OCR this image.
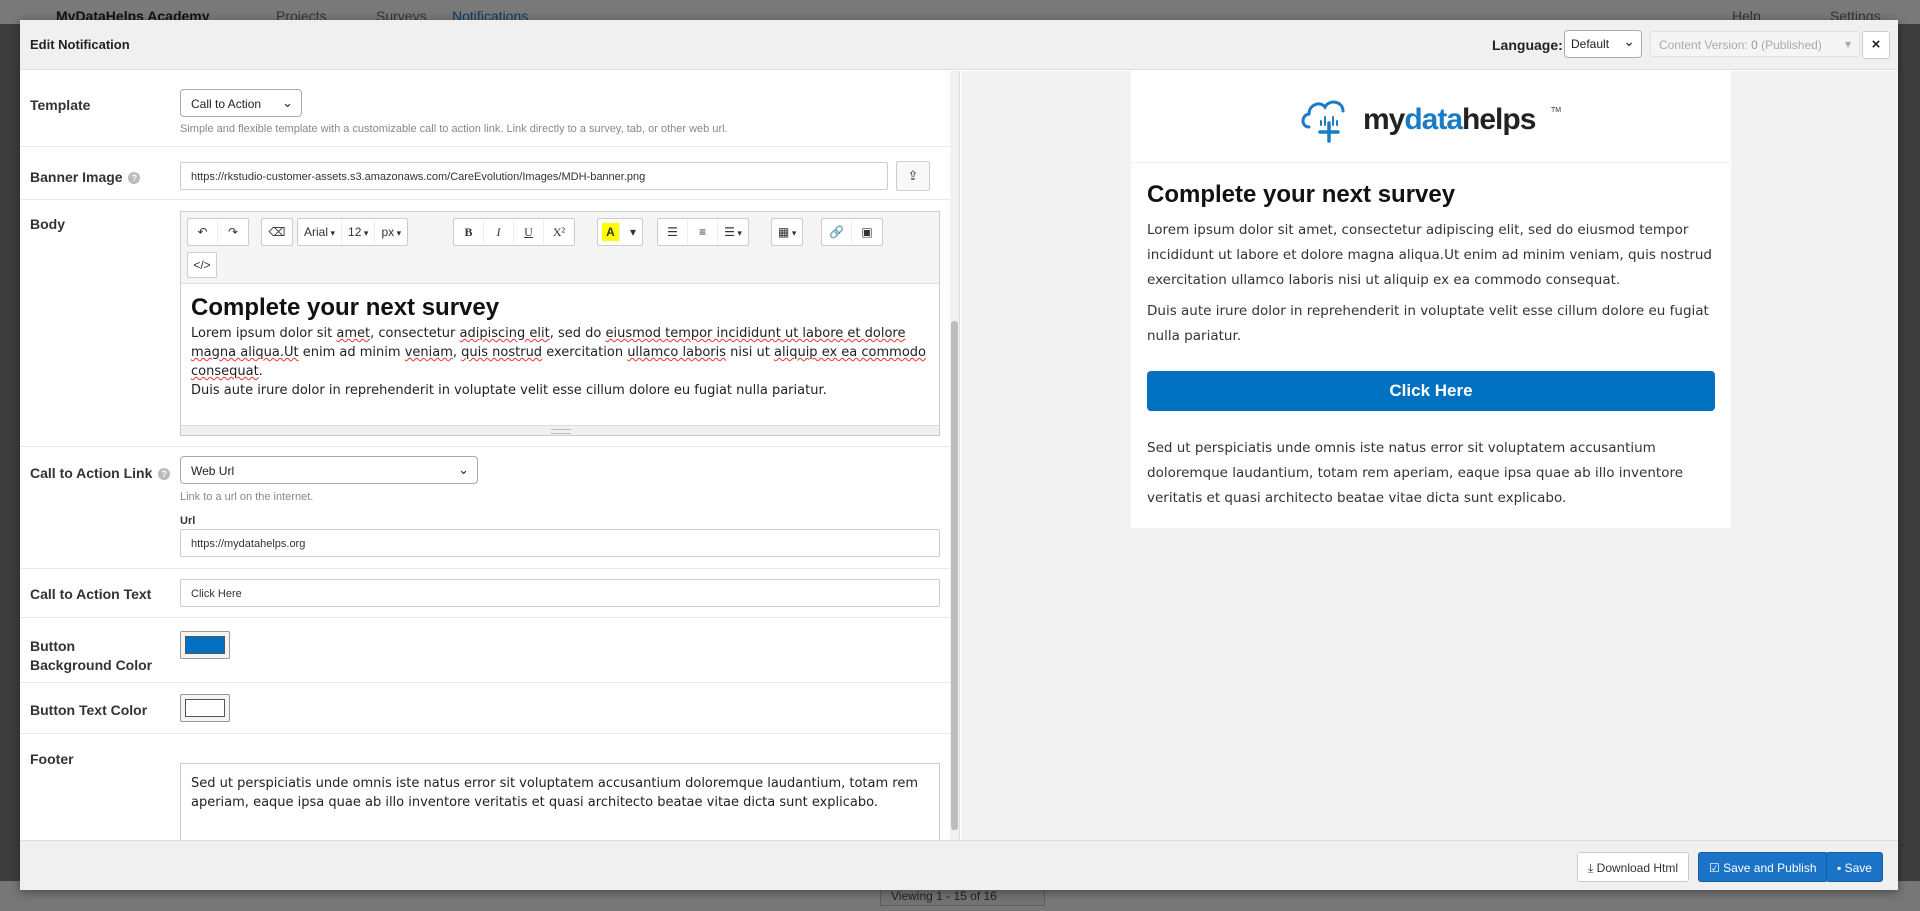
Edit Notification	Language: Default ⌄	Content Version: 0 (Published) ▾	×
Template	Call to Action ⌄
Simple and flexible template with a customizable call to action link. Link directly to a survey, tab, or other web url.
Banner Image ?	https://rkstudio-customer-assets.s3.amazonaws.com/CareEvolution/Images/MDH-banner.png	⇪
Body	↶	↷	⌫	Arial ▾	12 ▾	px ▾	B	I	U	X²	A	▾	☰	≡	☰ ▾	▦ ▾	🔗	▣
</>
Complete your next survey

Lorem ipsum dolor sit amet, consectetur adipiscing elit, sed do eiusmod tempor incididunt ut labore et dolore magna aliqua.Ut enim ad minim veniam, quis nostrud exercitation ullamco laboris nisi ut aliquip ex ea commodo consequat.

Duis aute irure dolor in reprehenderit in voluptate velit esse cillum dolore eu fugiat nulla pariatur.

Call to Action Link ?	Web Url	⌄
Link to a url on the internet.
Url
https://mydatahelps.org
Call to Action Text	Click Here
Button Background Color
Button Text Color
Footer

Sed ut perspiciatis unde omnis iste natus error sit voluptatem accusantium doloremque laudantium, totam rem aperiam, eaque ipsa quae ab illo inventore veritatis et quasi architecto beatae vitae dicta sunt explicabo.

mydatahelps TM
Complete your next survey

Lorem ipsum dolor sit amet, consectetur adipiscing elit, sed do eiusmod tempor incididunt ut labore et dolore magna aliqua.Ut enim ad minim veniam, quis nostrud exercitation ullamco laboris nisi ut aliquip ex ea commodo consequat.

Duis aute irure dolor in reprehenderit in voluptate velit esse cillum dolore eu fugiat nulla pariatur.

Click Here
Sed ut perspiciatis unde omnis iste natus error sit voluptatem accusantium doloremque laudantium, totam rem aperiam, eaque ipsa quae ab illo inventore veritatis et quasi architecto beatae vitae dicta sunt explicabo.
⤓ Download Html	☑ Save and Publish	▪ Save
